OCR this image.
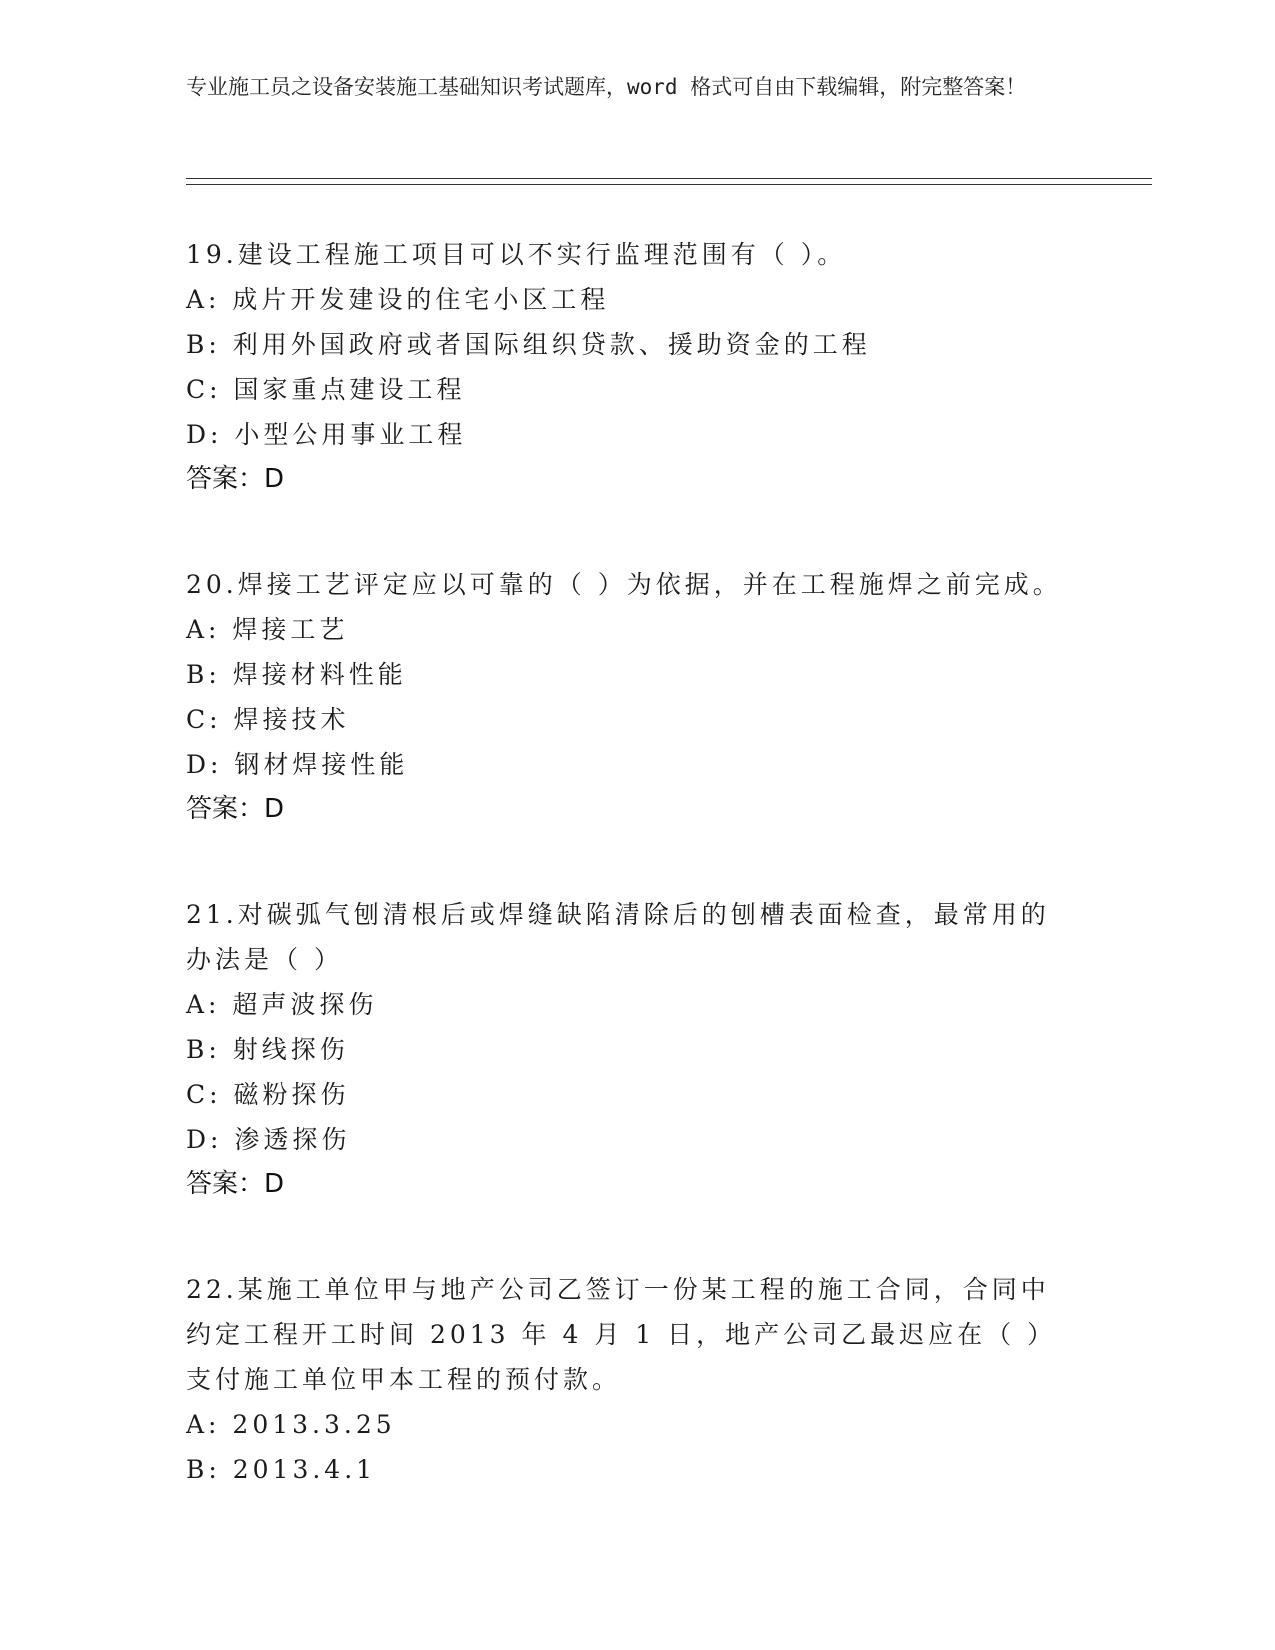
专业施工员之设备安装施工基础知识考试题库，word 格式可自由下载编辑，附完整答案！
19.建设工程施工项目可以不实行监理范围有（ ）。
A: 成片开发建设的住宅小区工程
B: 利用外国政府或者国际组织贷款、援助资金的工程
C: 国家重点建设工程
D: 小型公用事业工程
答案：D
20.焊接工艺评定应以可靠的（ ）为依据，并在工程施焊之前完成。
A: 焊接工艺
B: 焊接材料性能
C: 焊接技术
D: 钢材焊接性能
答案：D
21.对碳弧气刨清根后或焊缝缺陷清除后的刨槽表面检查，最常用的办法是（ ）
A: 超声波探伤
B: 射线探伤
C: 磁粉探伤
D: 渗透探伤
答案：D
22.某施工单位甲与地产公司乙签订一份某工程的施工合同，合同中约定工程开工时间 2013 年 4 月 1 日，地产公司乙最迟应在（ ）支付施工单位甲本工程的预付款。
A: 2013.3.25
B: 2013.4.1
